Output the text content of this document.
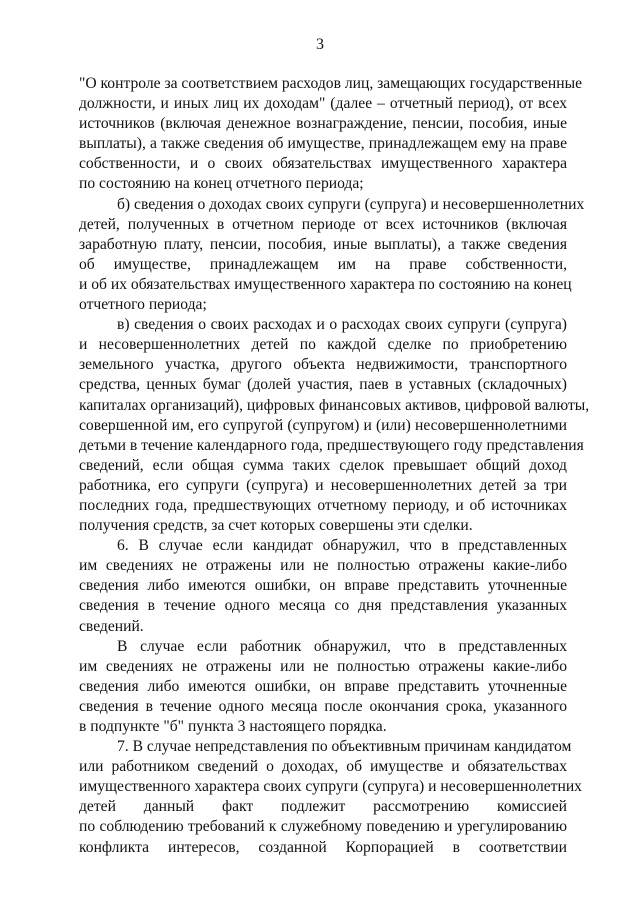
3
"О контроле за соответствием расходов лиц, замещающих государственные
должности, и иных лиц их доходам" (далее – отчетный период), от всех
источников (включая денежное вознаграждение, пенсии, пособия, иные
выплаты), а также сведения об имуществе, принадлежащем ему на праве
собственности, и о своих обязательствах имущественного характера
по состоянию на конец отчетного периода;
б) сведения о доходах своих супруги (супруга) и несовершеннолетних
детей, полученных в отчетном периоде от всех источников (включая
заработную плату, пенсии, пособия, иные выплаты), а также сведения
об имуществе, принадлежащем им на праве собственности,
и об их обязательствах имущественного характера по состоянию на конец
отчетного периода;
в) сведения о своих расходах и о расходах своих супруги (супруга)
и несовершеннолетних детей по каждой сделке по приобретению
земельного участка, другого объекта недвижимости, транспортного
средства, ценных бумаг (долей участия, паев в уставных (складочных)
капиталах организаций), цифровых финансовых активов, цифровой валюты,
совершенной им, его супругой (супругом) и (или) несовершеннолетними
детьми в течение календарного года, предшествующего году представления
сведений, если общая сумма таких сделок превышает общий доход
работника, его супруги (супруга) и несовершеннолетних детей за три
последних года, предшествующих отчетному периоду, и об источниках
получения средств, за счет которых совершены эти сделки.
6. В случае если кандидат обнаружил, что в представленных
им сведениях не отражены или не полностью отражены какие-либо
сведения либо имеются ошибки, он вправе представить уточненные
сведения в течение одного месяца со дня представления указанных
сведений.
В случае если работник обнаружил, что в представленных
им сведениях не отражены или не полностью отражены какие-либо
сведения либо имеются ошибки, он вправе представить уточненные
сведения в течение одного месяца после окончания срока, указанного
в подпункте "б" пункта 3 настоящего порядка.
7. В случае непредставления по объективным причинам кандидатом
или работником сведений о доходах, об имуществе и обязательствах
имущественного характера своих супруги (супруга) и несовершеннолетних
детей данный факт подлежит рассмотрению комиссией
по соблюдению требований к служебному поведению и урегулированию
конфликта интересов, созданной Корпорацией в соответствии
